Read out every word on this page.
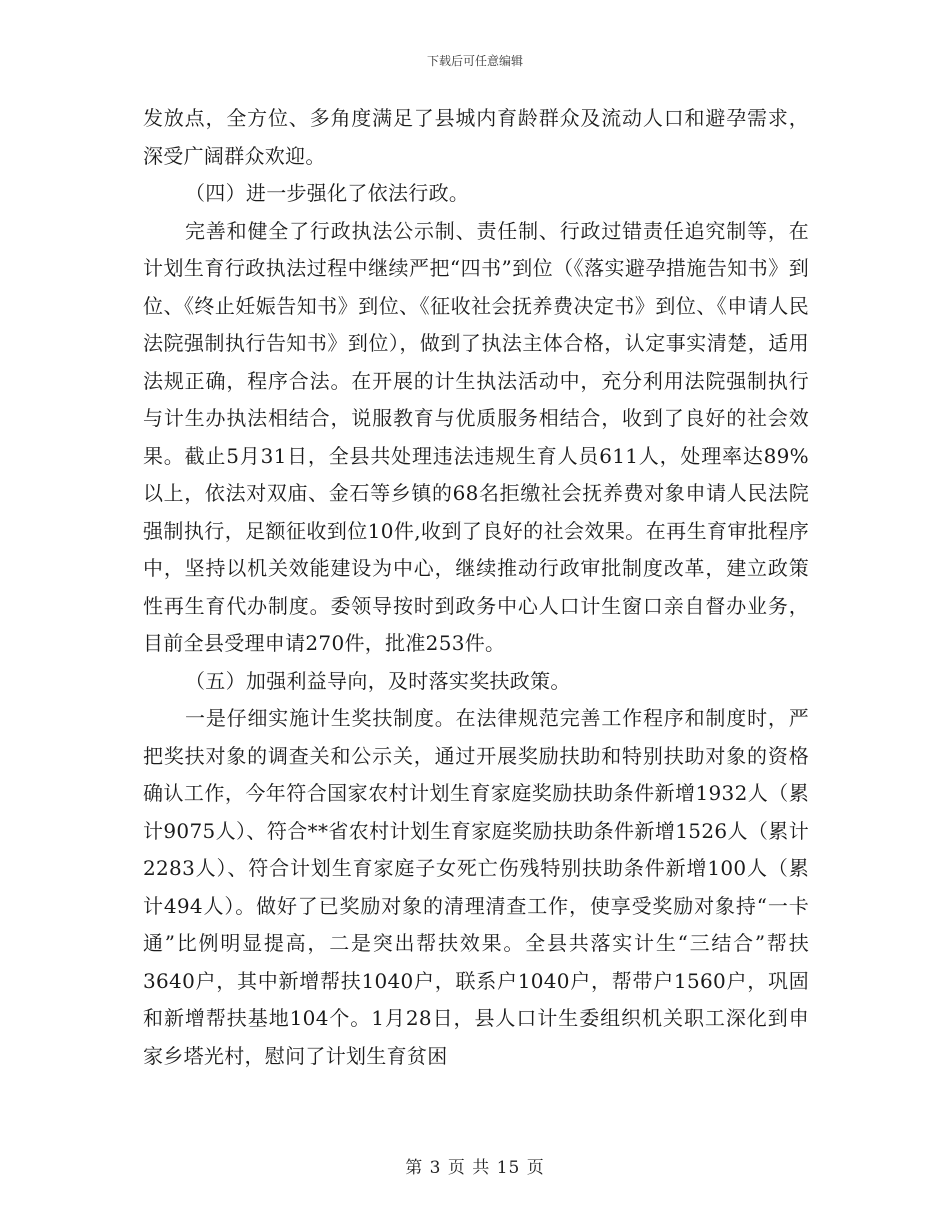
下载后可任意编辑

发放点，全方位、多角度满足了县城内育龄群众及流动人口和避孕需求，深受广阔群众欢迎。

（四）进一步强化了依法行政。

完善和健全了行政执法公示制、责任制、行政过错责任追究制等，在计划生育行政执法过程中继续严把“四书”到位（《落实避孕措施告知书》到位、《终止妊娠告知书》到位、《征收社会抚养费决定书》到位、《申请人民法院强制执行告知书》到位），做到了执法主体合格，认定事实清楚，适用法规正确，程序合法。在开展的计生执法活动中，充分利用法院强制执行与计生办执法相结合，说服教育与优质服务相结合，收到了良好的社会效果。截止5月31日，全县共处理违法违规生育人员611人，处理率达89%以上，依法对双庙、金石等乡镇的68名拒缴社会抚养费对象申请人民法院强制执行，足额征收到位10件,收到了良好的社会效果。在再生育审批程序中，坚持以机关效能建设为中心，继续推动行政审批制度改革，建立政策性再生育代办制度。委领导按时到政务中心人口计生窗口亲自督办业务，目前全县受理申请270件，批准253件。

（五）加强利益导向，及时落实奖扶政策。

一是仔细实施计生奖扶制度。在法律规范完善工作程序和制度时，严把奖扶对象的调查关和公示关，通过开展奖励扶助和特别扶助对象的资格确认工作，今年符合国家农村计划生育家庭奖励扶助条件新增1932人（累计9075人）、符合**省农村计划生育家庭奖励扶助条件新增1526人（累计2283人）、符合计划生育家庭子女死亡伤残特别扶助条件新增100人（累计494人）。做好了已奖励对象的清理清查工作，使享受奖励对象持“一卡通”比例明显提高，二是突出帮扶效果。全县共落实计生“三结合”帮扶3640户，其中新增帮扶1040户，联系户1040户，帮带户1560户，巩固和新增帮扶基地104个。1月28日，县人口计生委组织机关职工深化到申家乡塔光村，慰问了计划生育贫困

第 3 页 共 15 页
